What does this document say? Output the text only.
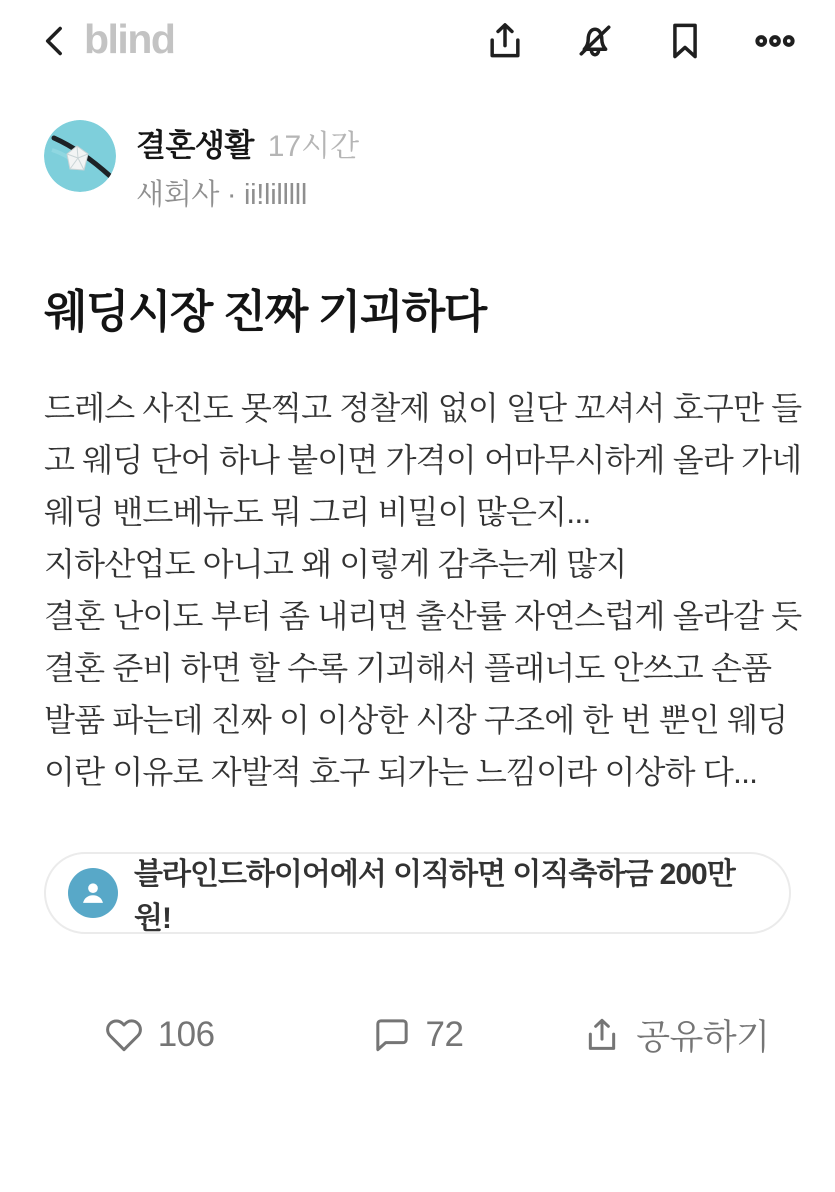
blind
결혼생활 17시간
새회사 · ii!lilllll
웨딩시장 진짜 기괴하다
드레스 사진도 못찍고 정찰제 없이 일단 꼬셔서 호구만 들고 웨딩 단어 하나 붙이면 가격이 어마무시하게 올라 가네 웨딩 밴드베뉴도 뭐 그리 비밀이 많은지...
지하산업도 아니고 왜 이렇게 감추는게 많지
결혼 난이도 부터 좀 내리면 출산률 자연스럽게 올라갈 듯
결혼 준비 하면 할 수록 기괴해서 플래너도 안쓰고 손품 발품 파는데 진짜 이 이상한 시장 구조에 한 번 뿐인 웨딩이란 이유로 자발적 호구 되가는 느낌이라 이상하 다...
블라인드하이어에서 이직하면 이직축하금 200만원!
106	72	공유하기
